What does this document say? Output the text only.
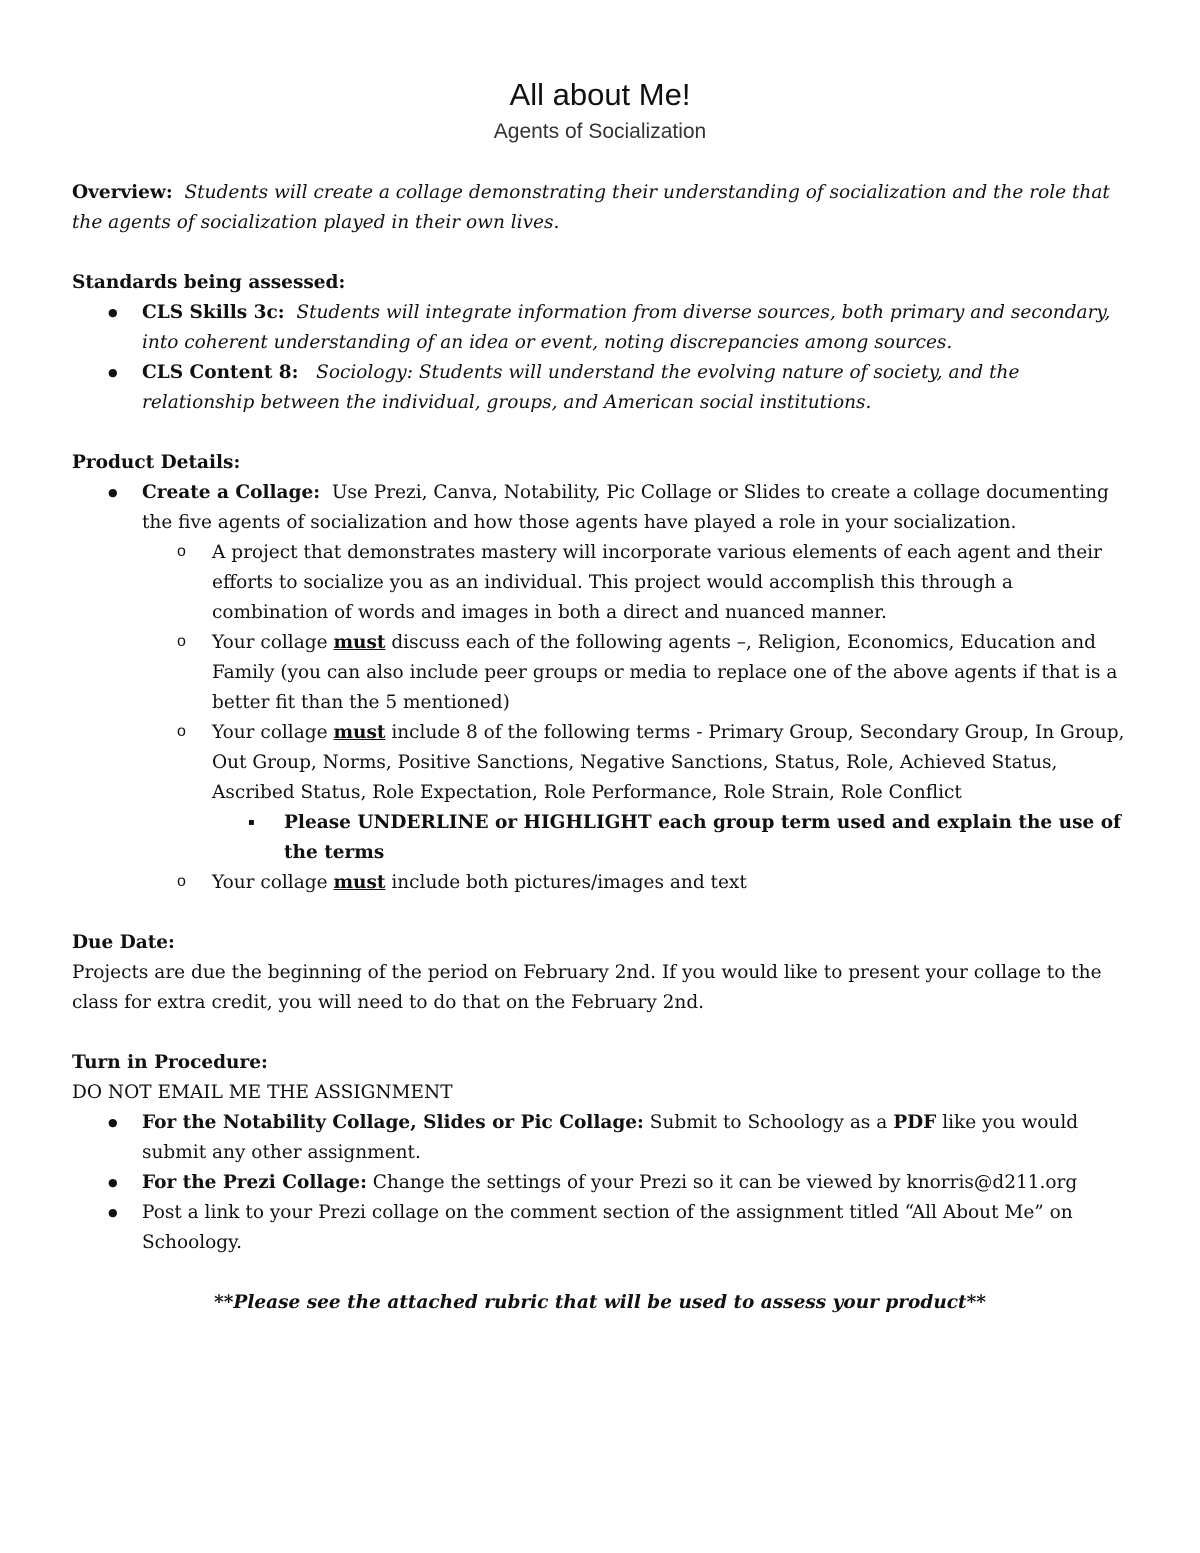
All about Me!
Agents of Socialization
Overview: Students will create a collage demonstrating their understanding of socialization and the role that the agents of socialization played in their own lives.
Standards being assessed:
● CLS Skills 3c: Students will integrate information from diverse sources, both primary and secondary, into coherent understanding of an idea or event, noting discrepancies among sources.
● CLS Content 8: Sociology: Students will understand the evolving nature of society, and the relationship between the individual, groups, and American social institutions.
Product Details:
● Create a Collage: Use Prezi, Canva, Notability, Pic Collage or Slides to create a collage documenting the five agents of socialization and how those agents have played a role in your socialization.
o A project that demonstrates mastery will incorporate various elements of each agent and their efforts to socialize you as an individual. This project would accomplish this through a combination of words and images in both a direct and nuanced manner.
o Your collage must discuss each of the following agents –, Religion, Economics, Education and Family (you can also include peer groups or media to replace one of the above agents if that is a better fit than the 5 mentioned)
o Your collage must include 8 of the following terms - Primary Group, Secondary Group, In Group, Out Group, Norms, Positive Sanctions, Negative Sanctions, Status, Role, Achieved Status, Ascribed Status, Role Expectation, Role Performance, Role Strain, Role Conflict
▪ Please UNDERLINE or HIGHLIGHT each group term used and explain the use of the terms
o Your collage must include both pictures/images and text
Due Date:
Projects are due the beginning of the period on February 2nd. If you would like to present your collage to the class for extra credit, you will need to do that on the February 2nd.
Turn in Procedure:
DO NOT EMAIL ME THE ASSIGNMENT
● For the Notability Collage, Slides or Pic Collage: Submit to Schoology as a PDF like you would submit any other assignment.
● For the Prezi Collage: Change the settings of your Prezi so it can be viewed by knorris@d211.org
● Post a link to your Prezi collage on the comment section of the assignment titled “All About Me” on Schoology.
**Please see the attached rubric that will be used to assess your product**
